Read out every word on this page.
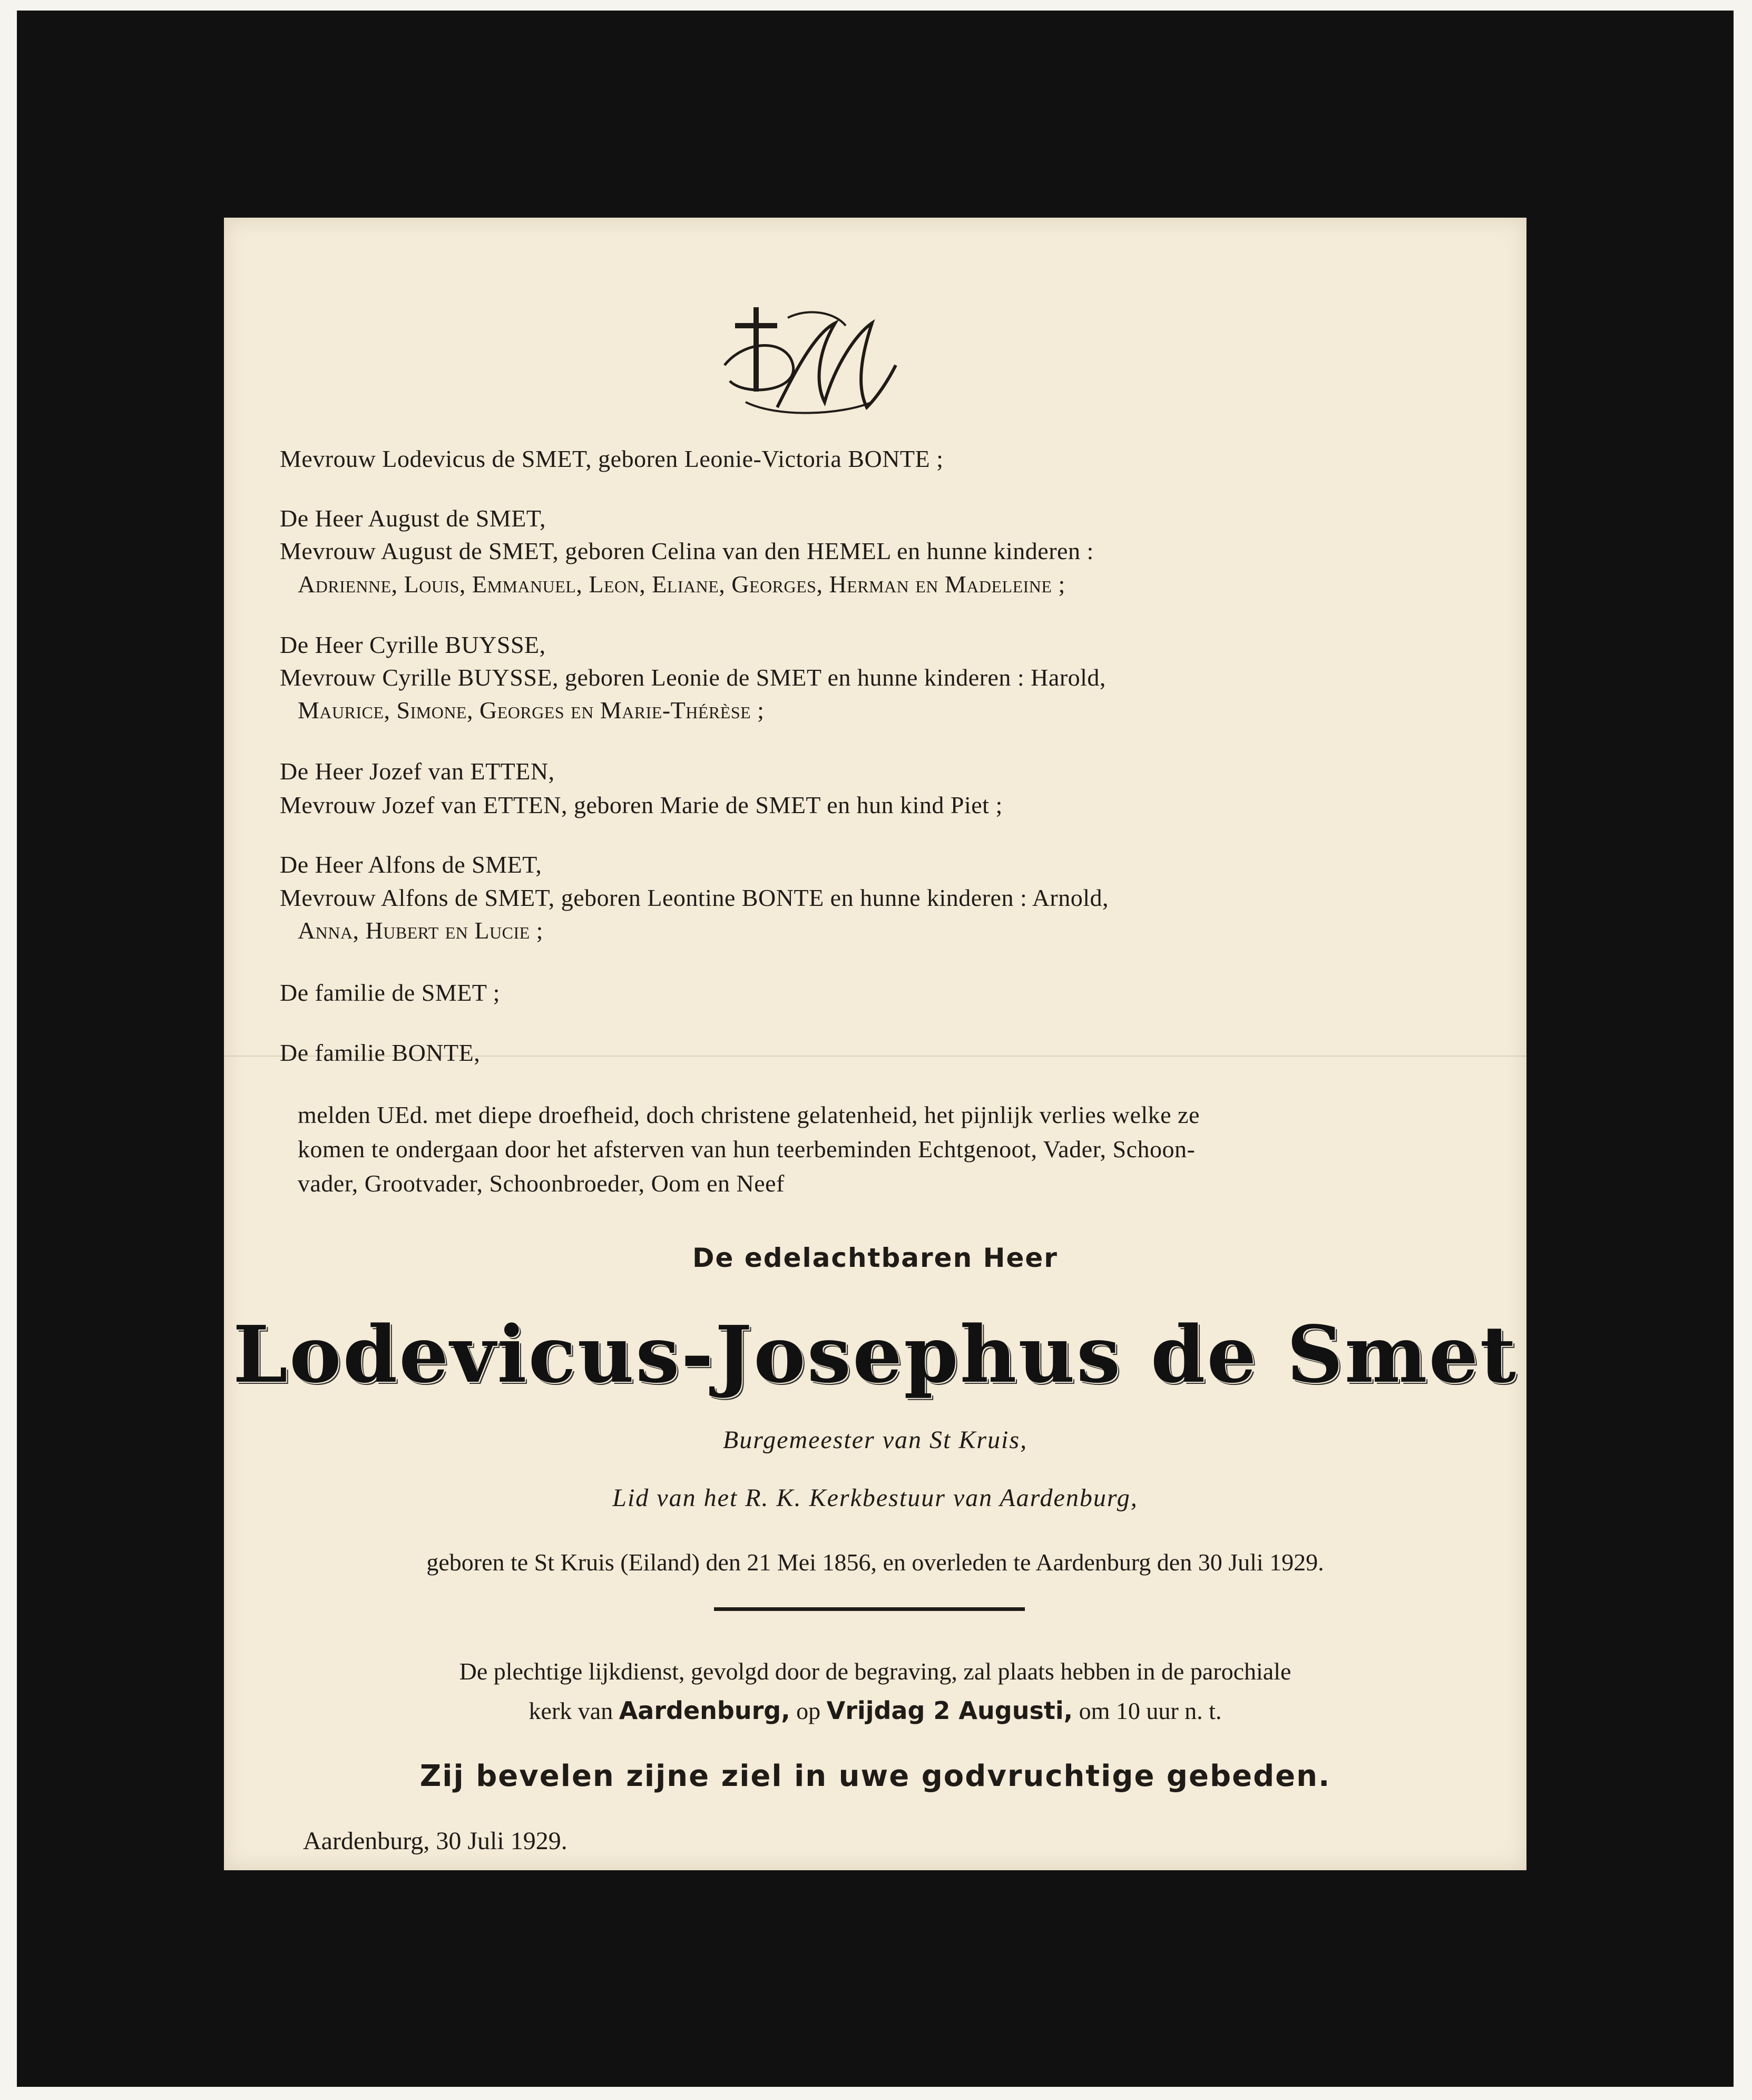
Mevrouw Lodevicus de SMET, geboren Leonie-Victoria BONTE ;
De Heer August de SMET,
Mevrouw August de SMET, geboren Celina van den HEMEL en hunne kinderen :
Adrienne, Louis, Emmanuel, Leon, Eliane, Georges, Herman en Madeleine ;
De Heer Cyrille BUYSSE,
Mevrouw Cyrille BUYSSE, geboren Leonie de SMET en hunne kinderen : Harold,
Maurice, Simone, Georges en Marie-Thérèse ;
De Heer Jozef van ETTEN,
Mevrouw Jozef van ETTEN, geboren Marie de SMET en hun kind Piet ;
De Heer Alfons de SMET,
Mevrouw Alfons de SMET, geboren Leontine BONTE en hunne kinderen : Arnold,
Anna, Hubert en Lucie ;
De familie de SMET ;
De familie BONTE,
melden UEd. met diepe droefheid, doch christene gelatenheid, het pijnlijk verlies welke ze
komen te ondergaan door het afsterven van hun teerbeminden Echtgenoot, Vader, Schoon-
vader, Grootvader, Schoonbroeder, Oom en Neef
De edelachtbaren Heer
Lodevicus-Josephus de Smet
Burgemeester van St Kruis,
Lid van het R. K. Kerkbestuur van Aardenburg,
geboren te St Kruis (Eiland) den 21 Mei 1856, en overleden te Aardenburg den 30 Juli 1929.
De plechtige lijkdienst, gevolgd door de begraving, zal plaats hebben in de parochiale
kerk van Aardenburg, op Vrijdag 2 Augusti, om 10 uur n. t.
Zij bevelen zijne ziel in uwe godvruchtige gebeden.
Aardenburg, 30 Juli 1929.
